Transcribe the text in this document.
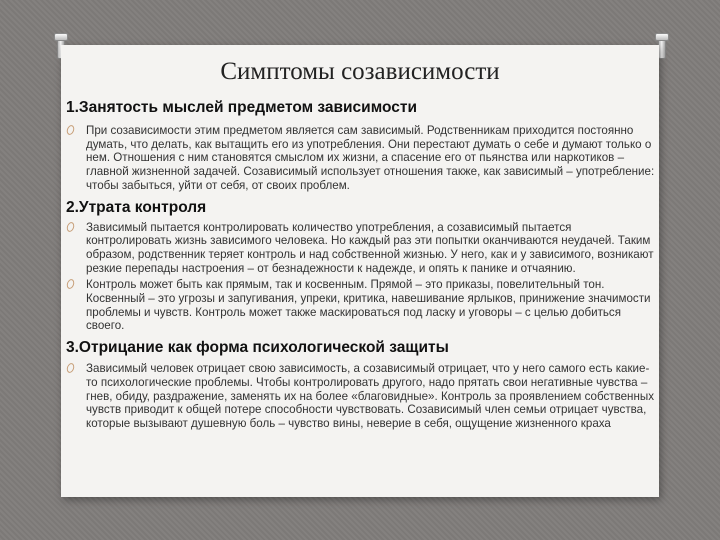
Симптомы созависимости
1.Занятость мыслей предметом зависимости
При созависимости этим предметом является сам зависимый. Родственникам приходится постоянно думать, что делать, как вытащить его из употребления. Они перестают думать о себе и думают только о нем. Отношения с ним становятся смыслом их жизни, а спасение его от пьянства или наркотиков – главной жизненной задачей. Созависимый использует отношения также, как зависимый – употребление: чтобы забыться, уйти от себя, от своих проблем.
2.Утрата контроля
Зависимый пытается контролировать количество употребления, а созависимый пытается контролировать жизнь зависимого человека. Но каждый раз эти попытки оканчиваются неудачей. Таким образом, родственник теряет контроль и над собственной жизнью. У него, как и у зависимого, возникают резкие перепады настроения – от безнадежности к надежде, и опять к панике и отчаянию.
Контроль может быть как прямым, так и косвенным. Прямой – это приказы, повелительный тон. Косвенный – это угрозы и запугивания, упреки, критика, навешивание ярлыков, принижение значимости проблемы и чувств. Контроль может также маскироваться под ласку и уговоры – с целью добиться своего.
3.Отрицание как форма психологической защиты
Зависимый человек отрицает свою зависимость, а созависимый отрицает, что у него самого есть какие-то психологические проблемы. Чтобы контролировать другого, надо прятать свои негативные чувства – гнев, обиду, раздражение, заменять их на более «благовидные». Контроль за проявлением собственных чувств приводит к общей потере способности чувствовать. Созависимый член семьи отрицает чувства, которые вызывают душевную боль – чувство вины, неверие в себя, ощущение жизненного краха
